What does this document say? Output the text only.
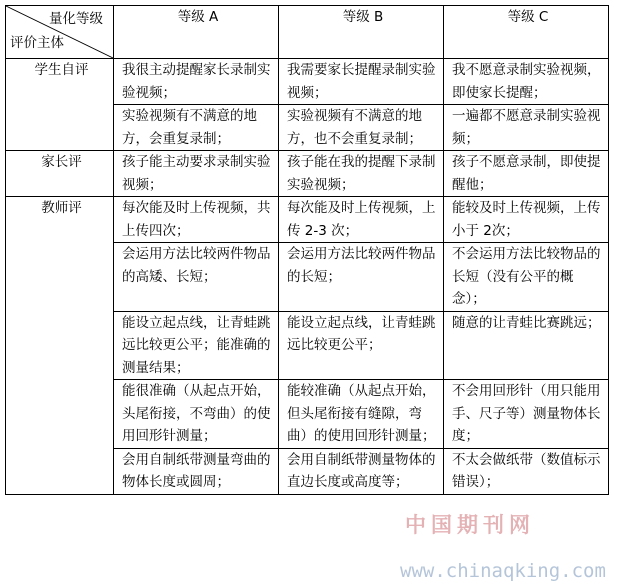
量化等级
评价主体	等级 A	等级 B	等级 C
学生自评	我很主动提醒家长录制实验视频；	我需要家长提醒录制实验视频；	我不愿意录制实验视频，即使家长提醒；
	实验视频有不满意的地方，会重复录制；	实验视频有不满意的地方，也不会重复录制；	一遍都不愿意录制实验视频；
家长评	孩子能主动要求录制实验视频；	孩子能在我的提醒下录制实验视频；	孩子不愿意录制，即使提醒他；
教师评	每次能及时上传视频，共上传四次；	每次能及时上传视频，上传 2-3 次；	能较及时上传视频，上传小于 2次；
	会运用方法比较两件物品的高矮、长短；	会运用方法比较两件物品的长短；	不会运用方法比较物品的长短（没有公平的概念）；
	能设立起点线，让青蛙跳远比较更公平；能准确的测量结果；	能设立起点线，让青蛙跳远比较更公平；	随意的让青蛙比赛跳远；
	能很准确（从起点开始，头尾衔接，不弯曲）的使用回形针测量；	能较准确（从起点开始，但头尾衔接有缝隙，弯曲）的使用回形针测量；	不会用回形针（用只能用手、尺子等）测量物体长度；
	会用自制纸带测量弯曲的物体长度或圆周；	会用自制纸带测量物体的直边长度或高度等；	不太会做纸带（数值标示错误）；
中国期刊网
www.chinaqking.com
